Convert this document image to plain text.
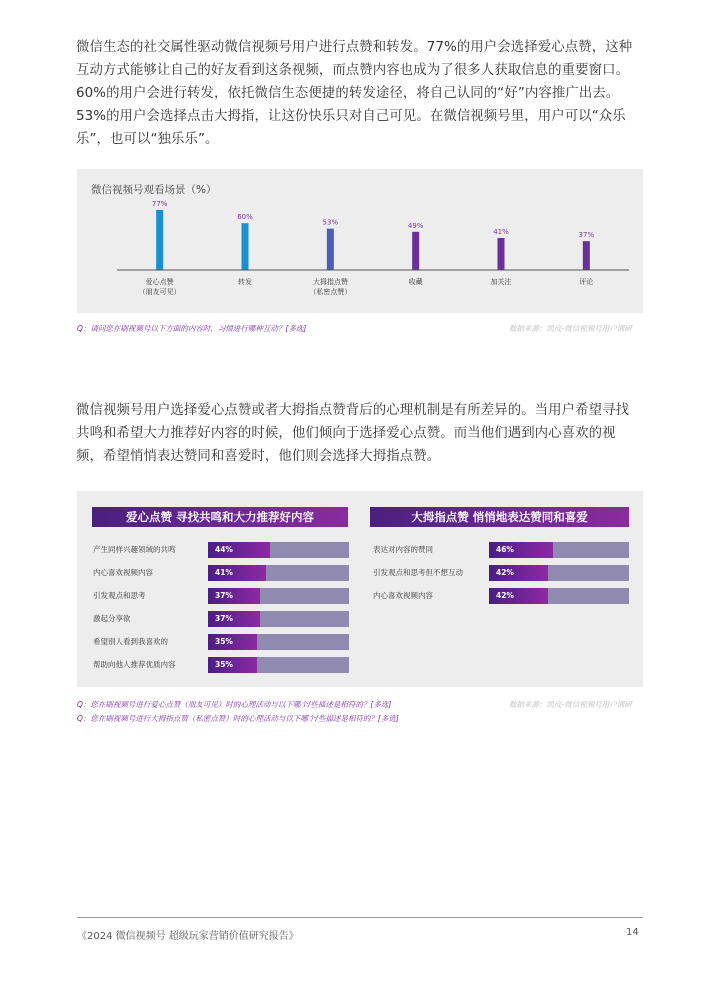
微信生态的社交属性驱动微信视频号用户进行点赞和转发。77%的用户会选择爱心点赞，这种互动方式能够让自己的好友看到这条视频，而点赞内容也成为了很多人获取信息的重要窗口。60%的用户会进行转发，依托微信生态便捷的转发途径，将自己认同的“好”内容推广出去。53%的用户会选择点击大拇指，让这份快乐只对自己可见。在微信视频号里，用户可以“众乐乐”，也可以“独乐乐”。

微信视频号观看场景（%）
77%
爱心点赞
（朋友可见）
60%
转发
53%
大拇指点赞
（私密点赞）
49%
收藏
41%
加关注
37%
评论
Q：请问您在刷视频号以下方面的内容时，习惯进行哪种互动？[多选]	数据来源：凯度-微信视频号用户调研

微信视频号用户选择爱心点赞或者大拇指点赞背后的心理机制是有所差异的。当用户希望寻找共鸣和希望大力推荐好内容的时候，他们倾向于选择爱心点赞。而当他们遇到内心喜欢的视频，希望悄悄表达赞同和喜爱时，他们则会选择大拇指点赞。

爱心点赞 寻找共鸣和大力推荐好内容	大拇指点赞 悄悄地表达赞同和喜爱
产生同样兴趣领域的共鸣	44%
内心喜欢视频内容	41%
引发观点和思考	37%
激起分享欲	37%
希望别人看到我喜欢的	35%
帮助向他人推荐优质内容	35%
表达对内容的赞同	46%
引发观点和思考但不想互动	42%
内心喜欢视频内容	42%
Q：您在刷视频号进行爱心点赞（朋友可见）时的心理活动与以下哪个/些描述是相符的？[多选]
Q：您在刷视频号进行大拇指点赞（私密点赞）时的心理活动与以下哪个/些描述是相符的？[多选]
数据来源：凯度-微信视频号用户调研
《2024 微信视频号 超级玩家营销价值研究报告》	14
